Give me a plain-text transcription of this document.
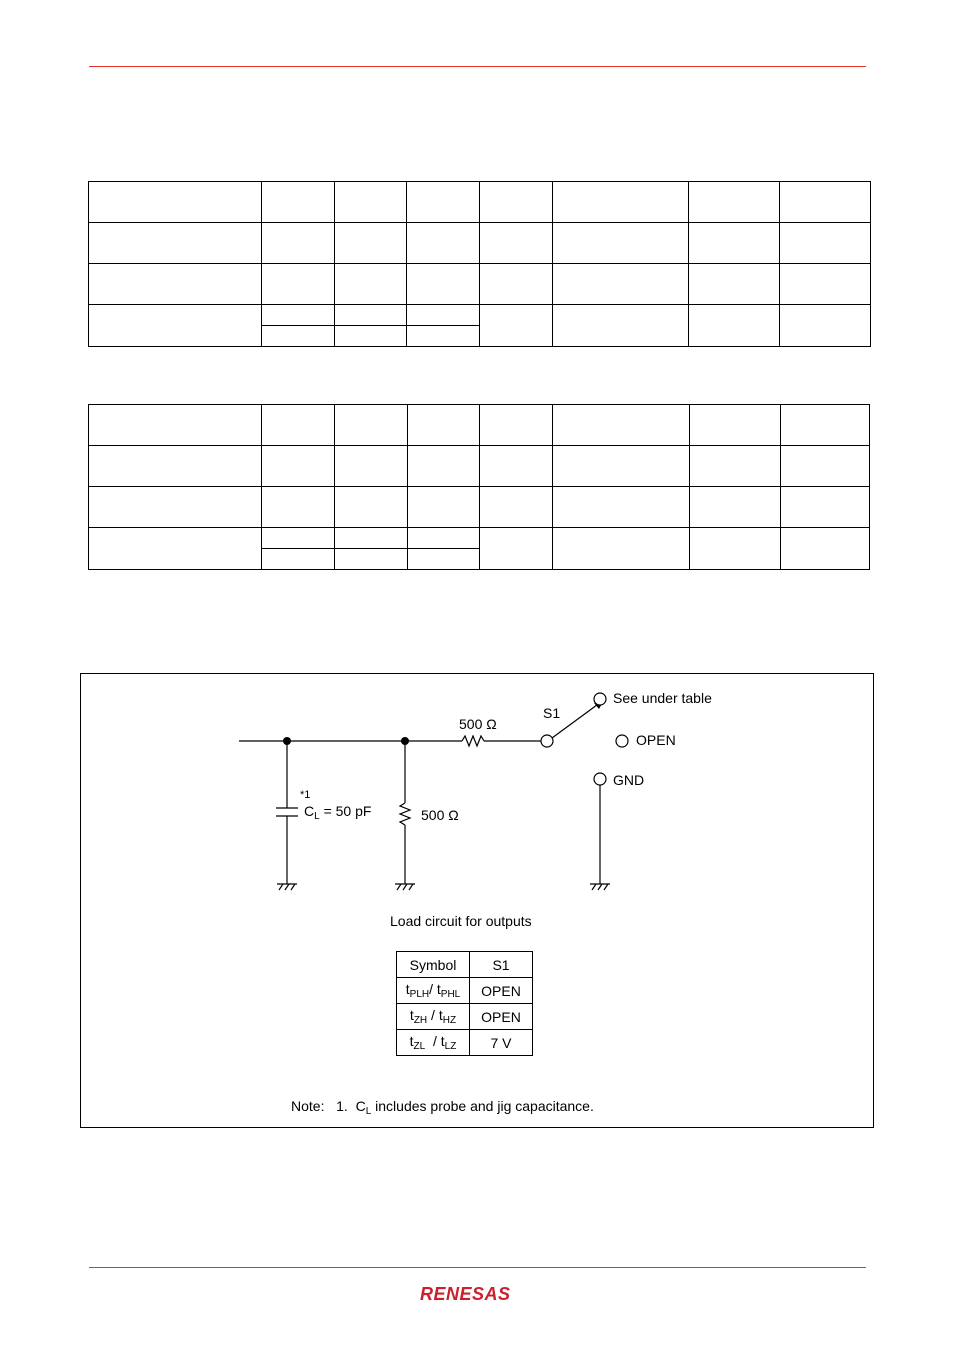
500 Ω
500 Ω
S1
*1
$C_L = 50$ pF
See under table
OPEN
GND
Load circuit for outputs
Symbol	S1
$t_{PLH}/$ $t_{PHL}$	OPEN
$t_{ZH} / t_{HZ}$	OPEN
$t_{ZL} / t_{LZ}$	7 V
Note:   1.  $C_L$ includes probe and jig capacitance.
RENESAS
